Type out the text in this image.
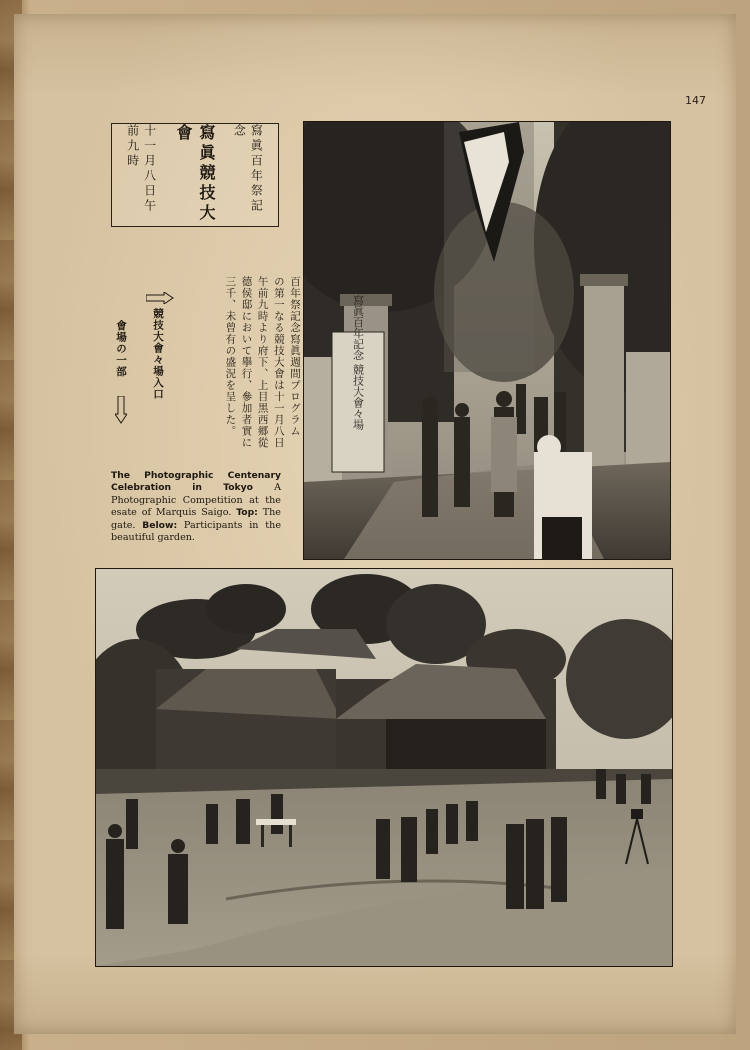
147
寫眞百年祭記念
寫眞競技大會
十一月八日午前九時
百年祭記念寫眞週間プログラム
の第一なる競技大會は十一月八日
午前九時より府下、上目黒西郷從
德侯邸において擧行、參加者實に
三千、未曾有の盛況を呈した。
競技大會々場入口
會場の一部
The Photographic Centenary Celebration in Tokyo A Photographic Competition at the esate of Marquis Saigo. Top: The gate. Below: Participants in the beautiful garden.
寫眞百年記念 競技大會々場
